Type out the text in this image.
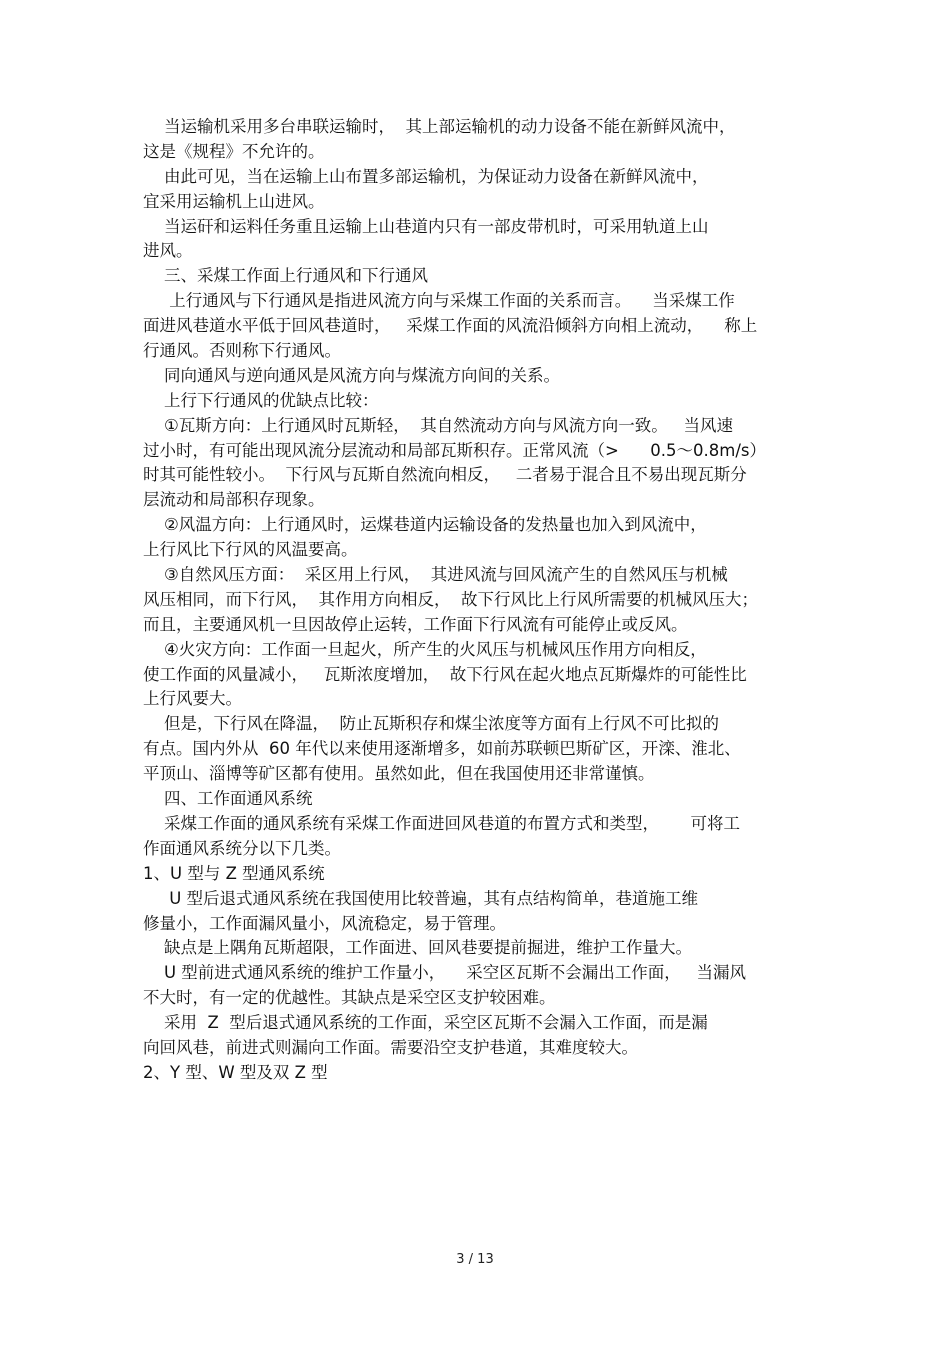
当运输机采用多台串联运输时，  其上部运输机的动力设备不能在新鲜风流中，
这是《规程》不允许的。
由此可见，当在运输上山布置多部运输机，为保证动力设备在新鲜风流中，
宜采用运输机上山进风。
当运矸和运料任务重且运输上山巷道内只有一部皮带机时，可采用轨道上山
进风。
三、采煤工作面上行通风和下行通风
上行通风与下行通风是指进风流方向与采煤工作面的关系而言。    当采煤工作
面进风巷道水平低于回风巷道时，   采煤工作面的风流沿倾斜方向相上流动，    称上
行通风。否则称下行通风。
同向通风与逆向通风是风流方向与煤流方向间的关系。
上行下行通风的优缺点比较：
①瓦斯方向：上行通风时瓦斯轻，  其自然流动方向与风流方向一致。   当风速
过小时，有可能出现风流分层流动和局部瓦斯积存。正常风流（>      0.5～0.8m/s）
时其可能性较小。  下行风与瓦斯自然流向相反，   二者易于混合且不易出现瓦斯分
层流动和局部积存现象。
②风温方向：上行通风时，运煤巷道内运输设备的发热量也加入到风流中，
上行风比下行风的风温要高。
③自然风压方面：  采区用上行风，  其进风流与回风流产生的自然风压与机械
风压相同，而下行风，  其作用方向相反，  故下行风比上行风所需要的机械风压大；
而且，主要通风机一旦因故停止运转，工作面下行风流有可能停止或反风。
④火灾方向：工作面一旦起火，所产生的火风压与机械风压作用方向相反，
使工作面的风量减小，   瓦斯浓度增加，  故下行风在起火地点瓦斯爆炸的可能性比
上行风要大。
但是，下行风在降温，  防止瓦斯积存和煤尘浓度等方面有上行风不可比拟的
有点。国内外从  60 年代以来使用逐渐增多，如前苏联顿巴斯矿区，开滦、淮北、
平顶山、淄博等矿区都有使用。虽然如此，但在我国使用还非常谨慎。
四、工作面通风系统
采煤工作面的通风系统有采煤工作面进回风巷道的布置方式和类型，      可将工
作面通风系统分以下几类。
1、U 型与 Z 型通风系统
U 型后退式通风系统在我国使用比较普遍，其有点结构简单，巷道施工维
修量小，工作面漏风量小，风流稳定，易于管理。
缺点是上隅角瓦斯超限，工作面进、回风巷要提前掘进，维护工作量大。
U 型前进式通风系统的维护工作量小，    采空区瓦斯不会漏出工作面，   当漏风
不大时，有一定的优越性。其缺点是采空区支护较困难。
采用  Z  型后退式通风系统的工作面，采空区瓦斯不会漏入工作面，而是漏
向回风巷，前进式则漏向工作面。需要沿空支护巷道，其难度较大。
2、Y 型、W 型及双 Z 型
3 / 13
